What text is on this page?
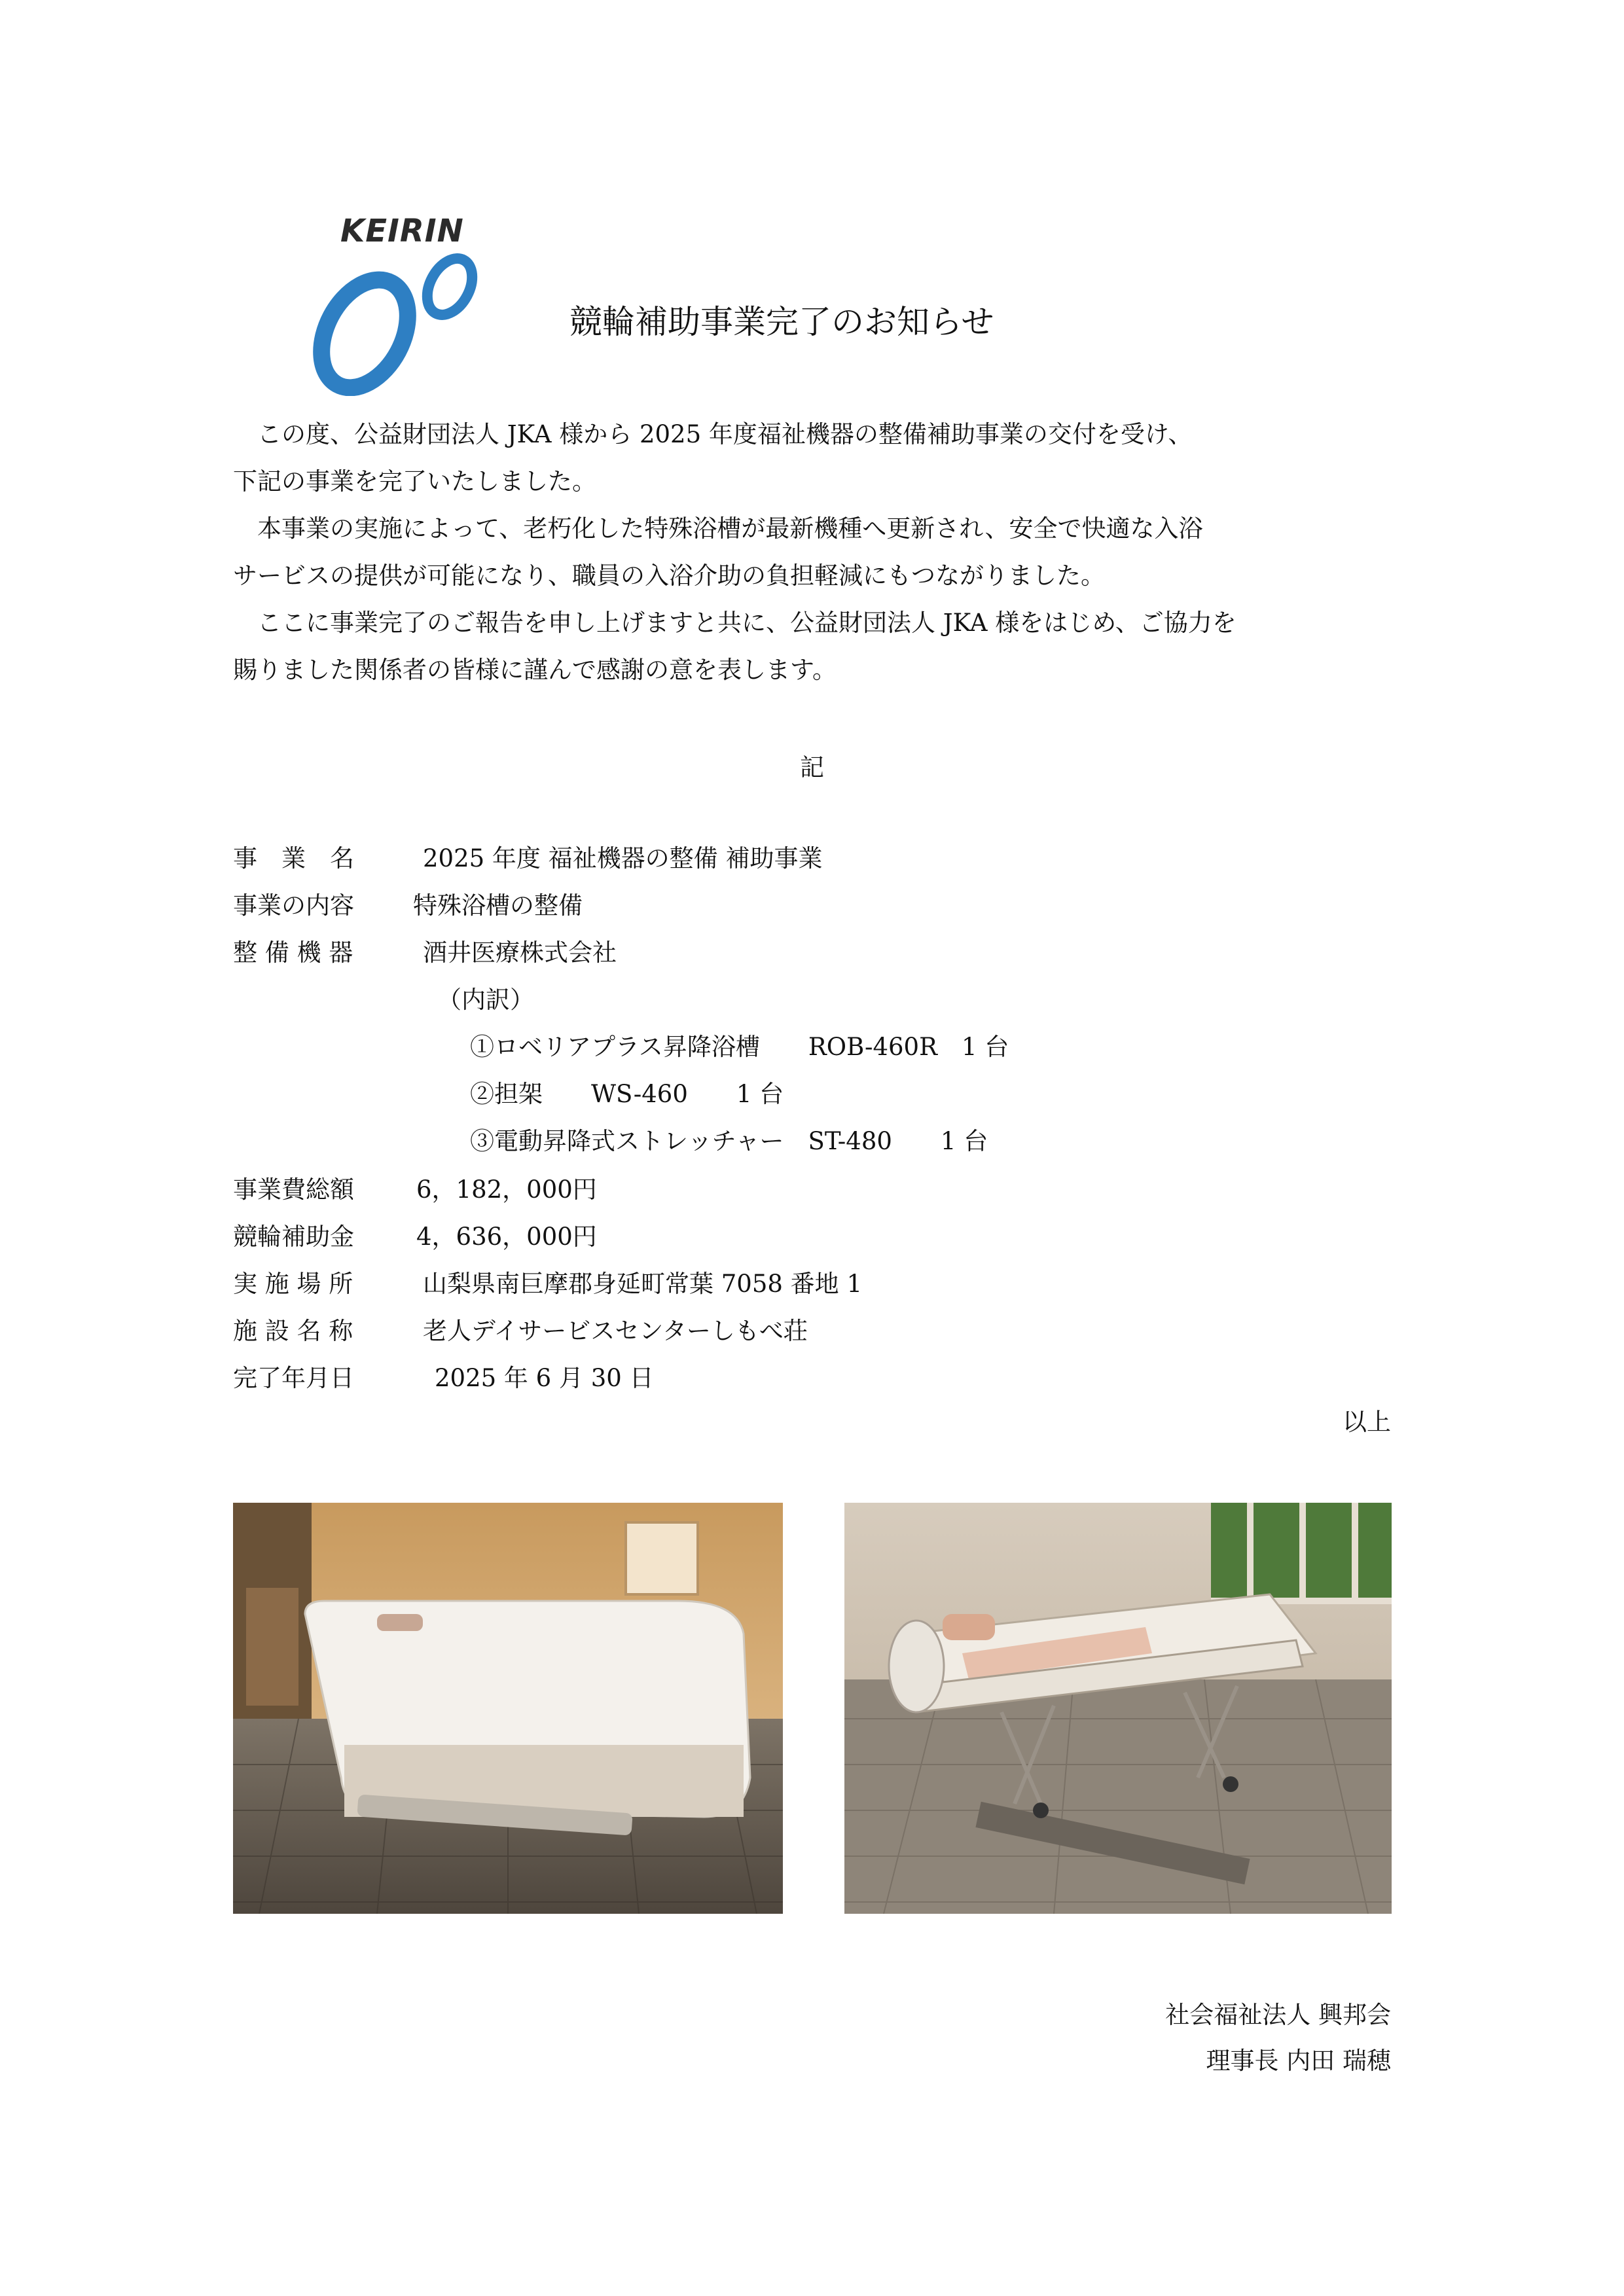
KEIRIN
競輪補助事業完了のお知らせ
この度、公益財団法人 JKA 様から 2025 年度福祉機器の整備補助事業の交付を受け、
下記の事業を完了いたしました。
本事業の実施によって、老朽化した特殊浴槽が最新機種へ更新され、安全で快適な入浴
サービスの提供が可能になり、職員の入浴介助の負担軽減にもつながりました。
ここに事業完了のご報告を申し上げますと共に、公益財団法人 JKA 様をはじめ、ご協力を
賜りました関係者の皆様に謹んで感謝の意を表します。
記
事　業　名	2025 年度 福祉機器の整備 補助事業
事業の内容 特殊浴槽の整備
整 備 機 器	酒井医療株式会社
（内訳）
①ロベリアプラス昇降浴槽　　ROB-460R　1 台
②担架　　WS-460　　1 台
③電動昇降式ストレッチャー　ST-480　　1 台
事業費総額	6，182，000円
競輪補助金	4，636，000円
実 施 場 所	山梨県南巨摩郡身延町常葉 7058 番地 1
施 設 名 称	老人デイサービスセンターしもべ荘
完了年月日	2025 年 6 月 30 日
以上
社会福祉法人 興邦会
理事長 内田 瑞穂
